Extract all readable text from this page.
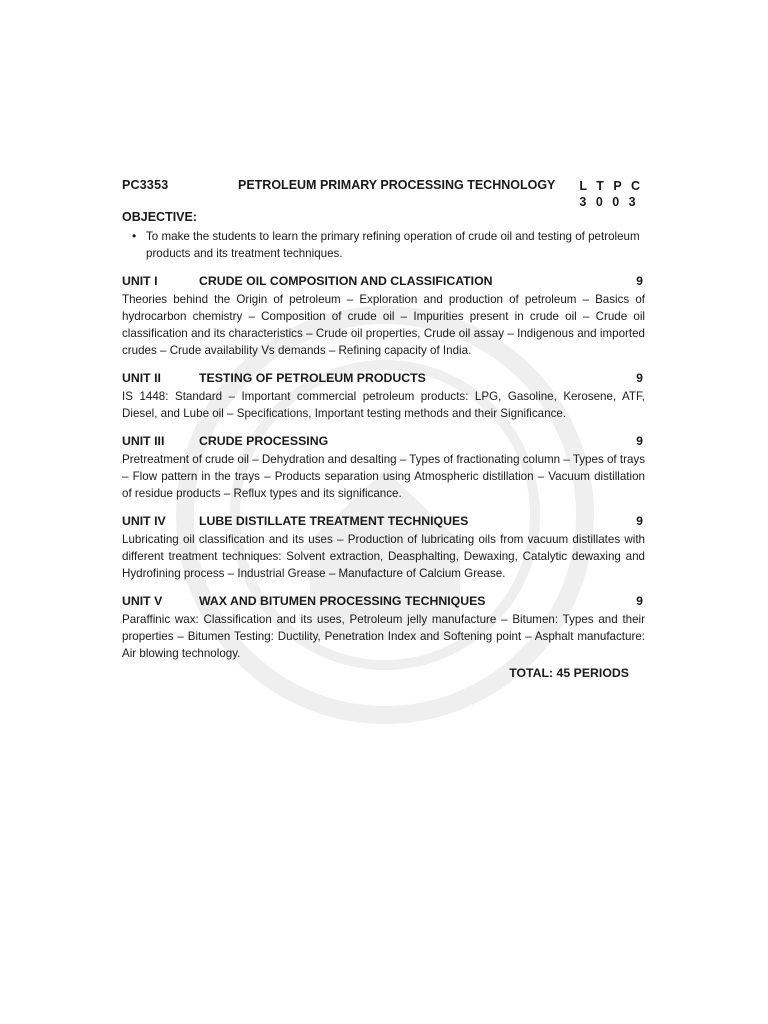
PC3353	PETROLEUM PRIMARY PROCESSING TECHNOLOGY L T P C
3 0 0 3
OBJECTIVE:
• To make the students to learn the primary refining operation of crude oil and testing of petroleum products and its treatment techniques.
UNIT I	CRUDE OIL COMPOSITION AND CLASSIFICATION	9

Theories behind the Origin of petroleum – Exploration and production of petroleum – Basics of hydrocarbon chemistry – Composition of crude oil – Impurities present in crude oil – Crude oil classification and its characteristics – Crude oil properties, Crude oil assay – Indigenous and imported crudes – Crude availability Vs demands – Refining capacity of India.

UNIT II	TESTING OF PETROLEUM PRODUCTS	9

IS 1448: Standard – Important commercial petroleum products: LPG, Gasoline, Kerosene, ATF, Diesel, and Lube oil – Specifications, Important testing methods and their Significance.

UNIT III	CRUDE PROCESSING	9

Pretreatment of crude oil – Dehydration and desalting – Types of fractionating column – Types of trays – Flow pattern in the trays – Products separation using Atmospheric distillation – Vacuum distillation of residue products – Reflux types and its significance.

UNIT IV	LUBE DISTILLATE TREATMENT TECHNIQUES	9

Lubricating oil classification and its uses – Production of lubricating oils from vacuum distillates with different treatment techniques: Solvent extraction, Deasphalting, Dewaxing, Catalytic dewaxing and Hydrofining process – Industrial Grease – Manufacture of Calcium Grease.

UNIT V	WAX AND BITUMEN PROCESSING TECHNIQUES	9

Paraffinic wax: Classification and its uses, Petroleum jelly manufacture – Bitumen: Types and their properties – Bitumen Testing: Ductility, Penetration Index and Softening point – Asphalt manufacture: Air blowing technology.

TOTAL: 45 PERIODS
